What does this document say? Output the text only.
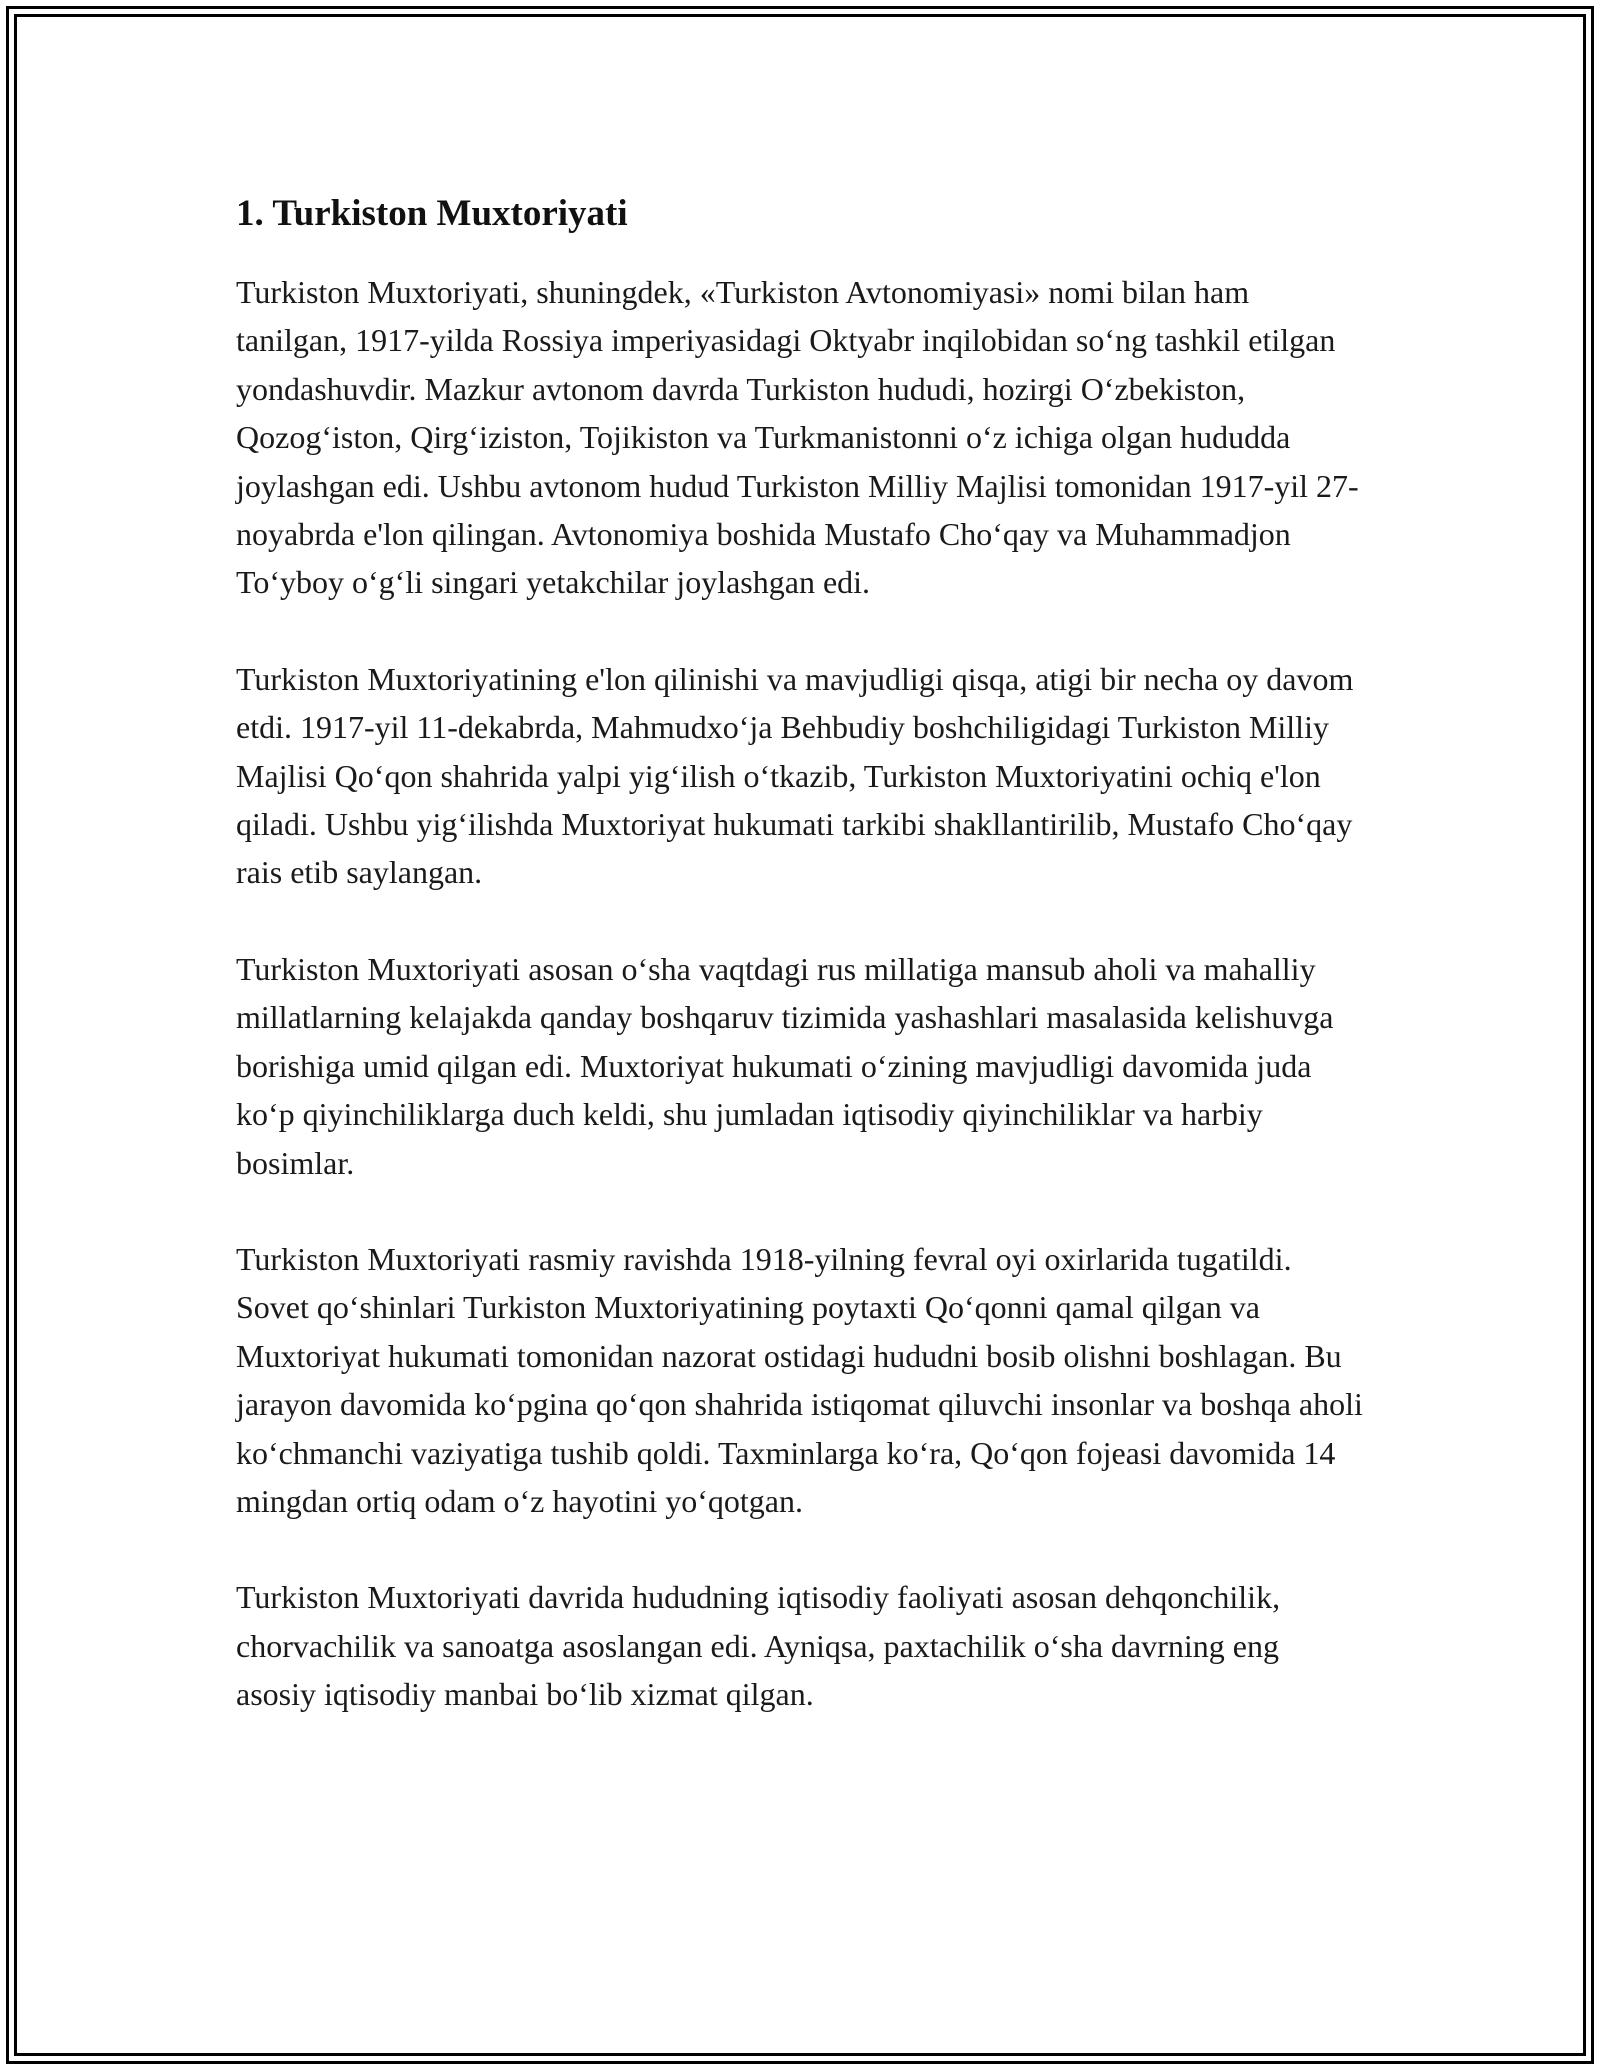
1. Turkiston Muxtoriyati

Turkiston Muxtoriyati, shuningdek, «Turkiston Avtonomiyasi» nomi bilan ham tanilgan, 1917-yilda Rossiya imperiyasidagi Oktyabr inqilobidan soʻng tashkil etilgan yondashuvdir. Mazkur avtonom davrda Turkiston hududi, hozirgi Oʻzbekiston, Qozogʻiston, Qirgʻiziston, Tojikiston va Turkmanistonni oʻz ichiga olgan hududda joylashgan edi. Ushbu avtonom hudud Turkiston Milliy Majlisi tomonidan 1917-yil 27-noyabrda e'lon qilingan. Avtonomiya boshida Mustafo Choʻqay va Muhammadjon Toʻyboy oʻgʻli singari yetakchilar joylashgan edi.

Turkiston Muxtoriyatining e'lon qilinishi va mavjudligi qisqa, atigi bir necha oy davom etdi. 1917-yil 11-dekabrda, Mahmudxoʻja Behbudiy boshchiligidagi Turkiston Milliy Majlisi Qoʻqon shahrida yalpi yigʻilish oʻtkazib, Turkiston Muxtoriyatini ochiq e'lon qiladi. Ushbu yigʻilishda Muxtoriyat hukumati tarkibi shakllantirilib, Mustafo Choʻqay rais etib saylangan.

Turkiston Muxtoriyati asosan oʻsha vaqtdagi rus millatiga mansub aholi va mahalliy millatlarning kelajakda qanday boshqaruv tizimida yashashlari masalasida kelishuvga borishiga umid qilgan edi. Muxtoriyat hukumati oʻzining mavjudligi davomida juda koʻp qiyinchiliklarga duch keldi, shu jumladan iqtisodiy qiyinchiliklar va harbiy bosimlar.

Turkiston Muxtoriyati rasmiy ravishda 1918-yilning fevral oyi oxirlarida tugatildi. Sovet qoʻshinlari Turkiston Muxtoriyatining poytaxti Qoʻqonni qamal qilgan va Muxtoriyat hukumati tomonidan nazorat ostidagi hududni bosib olishni boshlagan. Bu jarayon davomida koʻpgina qoʻqon shahrida istiqomat qiluvchi insonlar va boshqa aholi koʻchmanchi vaziyatiga tushib qoldi. Taxminlarga koʻra, Qoʻqon fojeasi davomida 14 mingdan ortiq odam oʻz hayotini yoʻqotgan.

Turkiston Muxtoriyati davrida hududning iqtisodiy faoliyati asosan dehqonchilik, chorvachilik va sanoatga asoslangan edi. Ayniqsa, paxtachilik oʻsha davrning eng asosiy iqtisodiy manbai boʻlib xizmat qilgan.
